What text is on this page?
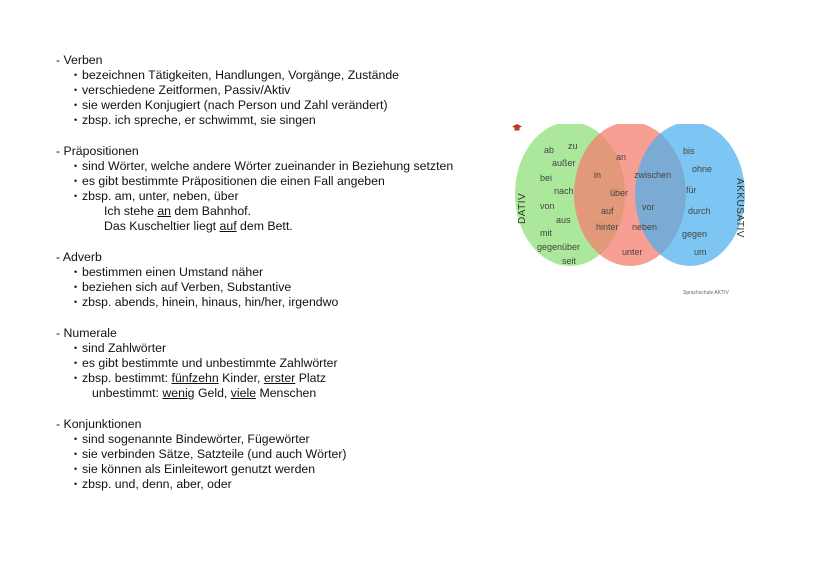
- Verben

• bezeichnen Tätigkeiten, Handlungen, Vorgänge, Zustände
• verschiedene Zeitformen, Passiv/Aktiv
• sie werden Konjugiert (nach Person und Zahl verändert)
• zbsp. ich spreche, er schwimmt, sie singen

- Präpositionen

• sind Wörter, welche andere Wörter zueinander in Beziehung setzten
• es gibt bestimmte Präpositionen die einen Fall angeben
• zbsp. am, unter, neben, über
Ich stehe an dem Bahnhof.
Das Kuscheltier liegt auf dem Bett.

- Adverb

• bestimmen einen Umstand näher
• beziehen sich auf Verben, Substantive
• zbsp. abends, hinein, hinaus, hin/her, irgendwo

- Numerale

• sind Zahlwörter
• es gibt bestimmte und unbestimmte Zahlwörter
• zbsp. bestimmt: fünfzehn Kinder, erster Platz
unbestimmt: wenig Geld, viele Menschen

- Konjunktionen

• sind sogenannte Bindewörter, Fügewörter
• sie verbinden Sätze, Satzteile (und auch Wörter)
• sie können als Einleitewort genutzt werden
• zbsp. und, denn, aber, oder
DATIV	AKKUSATIV
ab zu
außer
bei
nach
von
aus
mit
gegenüber
seit
an
in	zwischen
über
auf	vor
hinter neben
unter
bis
ohne
für
durch
gegen
um
Sprachschule AKTIV
